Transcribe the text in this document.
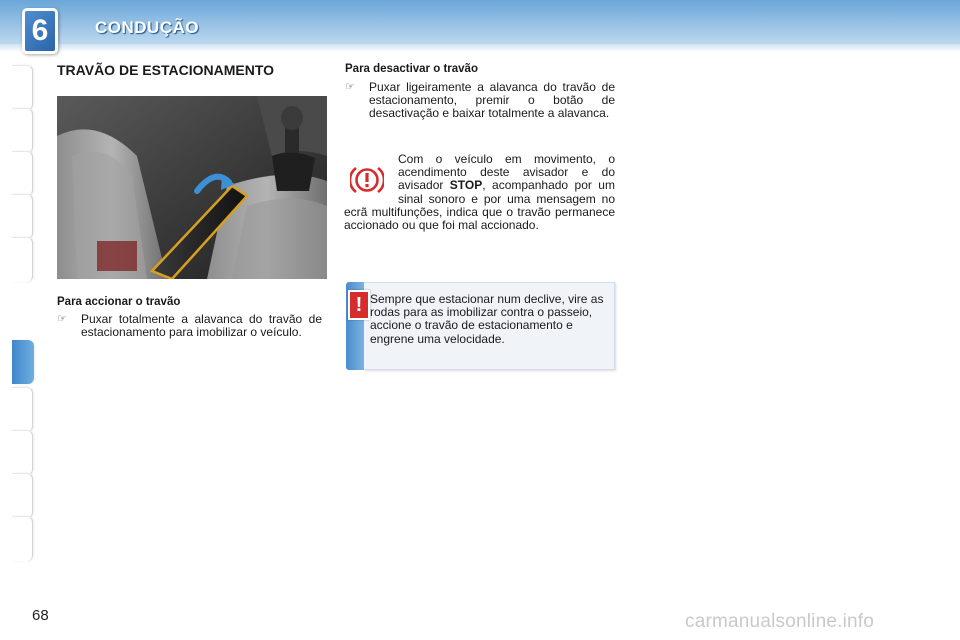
6	CONDUÇÃO
TRAVÃO DE ESTACIONAMENTO
Para accionar o travão
☞ Puxar totalmente a alavanca do travão de estacionamento para imobilizar o veículo.
Para desactivar o travão
☞ Puxar ligeiramente a alavanca do travão de estacionamento, premir o botão de desactivação e baixar totalmente a alavanca.
Com o veículo em movimento, o acendimento deste avisador e do avisador STOP, acompanhado por um sinal sonoro e por uma mensagem no ecrã multifunções, indica que o travão permanece accionado ou que foi mal accionado.
! Sempre que estacionar num declive, vire as rodas para as imobilizar contra o passeio, accione o travão de estacionamento e engrene uma velocidade.
68	carmanualsonline.info
